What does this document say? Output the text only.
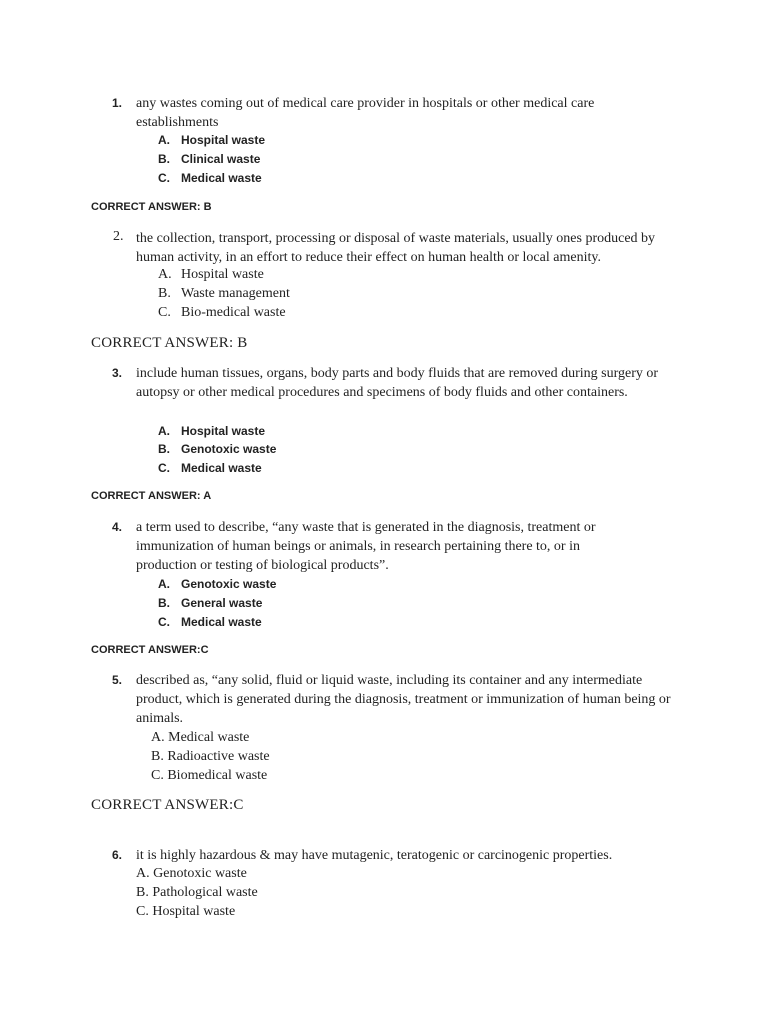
1. any wastes coming out of medical care provider in hospitals or other medical care establishments
A. Hospital waste
B. Clinical waste
C. Medical waste
CORRECT ANSWER: B
2. the collection, transport, processing or disposal of waste materials, usually ones produced by human activity, in an effort to reduce their effect on human health or local amenity.
A. Hospital waste
B. Waste management
C. Bio-medical waste
CORRECT ANSWER: B
3. include human tissues, organs, body parts and body fluids that are removed during surgery or autopsy or other medical procedures and specimens of body fluids and other containers.
A. Hospital waste
B. Genotoxic waste
C. Medical waste
CORRECT ANSWER: A
4. a term used to describe, “any waste that is generated in the diagnosis, treatment or immunization of human beings or animals, in research pertaining there to, or in production or testing of biological products”.
A. Genotoxic waste
B. General waste
C. Medical waste
CORRECT ANSWER:C
5. described as, “any solid, fluid or liquid waste, including its container and any intermediate product, which is generated during the diagnosis, treatment or immunization of human being or animals.
A. Medical waste
B. Radioactive waste
C. Biomedical waste
CORRECT ANSWER:C
6. it is highly hazardous & may have mutagenic, teratogenic or carcinogenic properties.
A. Genotoxic waste
B. Pathological waste
C. Hospital waste
